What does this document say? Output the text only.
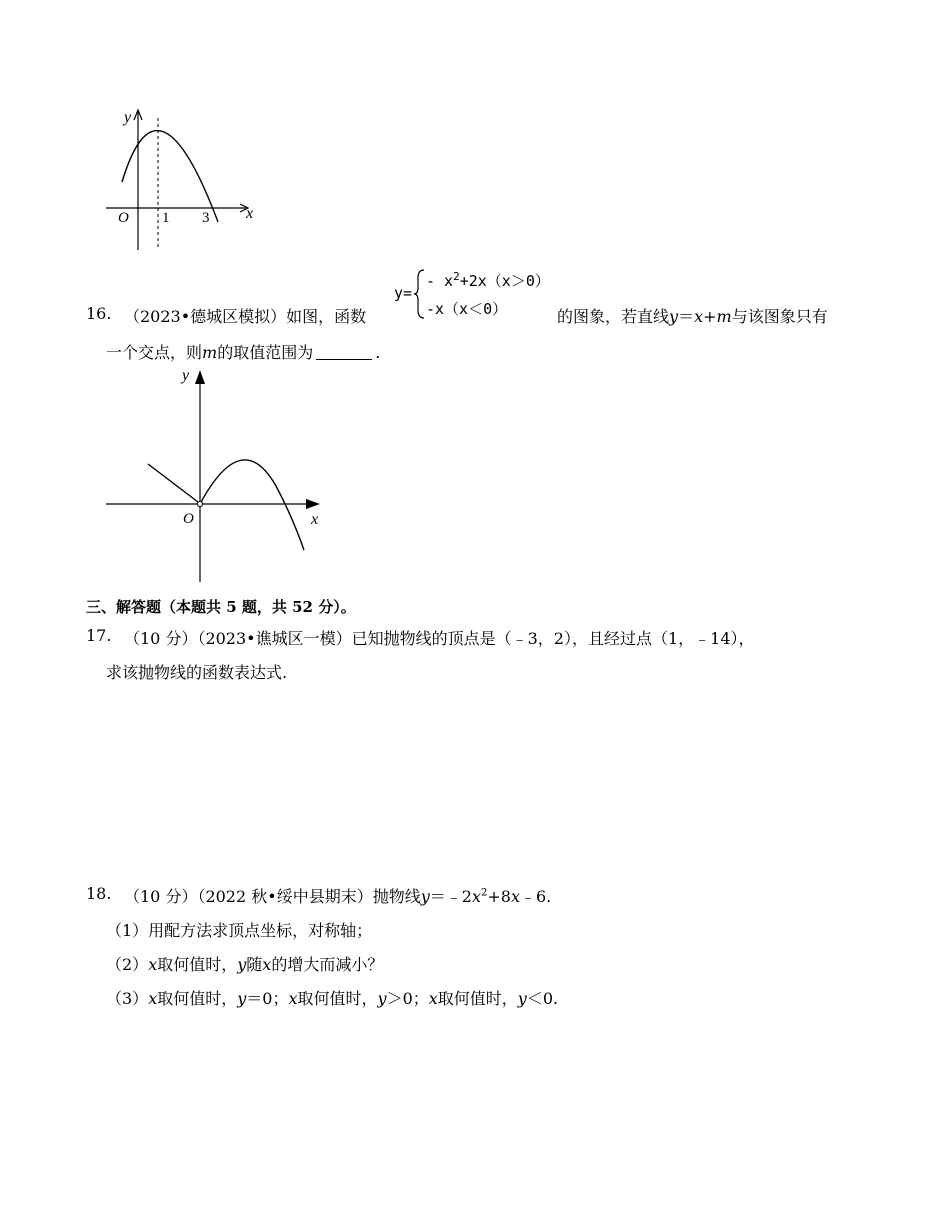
y
x
O 1 3
16. （2023•德城区模拟）如图，函数
y=
- $x^2+2x(x>0)$
-x（x＜0）	的图象，若直线y＝x+m与该图象只有
一个交点，则m的取值范围为	.
y
x
O
三、解答题（本题共 5 题，共 52 分）。
17. （10 分）（2023•谯城区一模）已知抛物线的顶点是（﹣3，2），且经过点（1，﹣14），
求该抛物线的函数表达式.
18. （10 分）（2022 秋•绥中县期末）抛物线$y=﹣2x^2+8x﹣6$.
（1）用配方法求顶点坐标，对称轴；
（2）x取何值时，y随x的增大而减小？
（3）x取何值时，y＝0；x取何值时，y＞0；x取何值时，y＜0.
